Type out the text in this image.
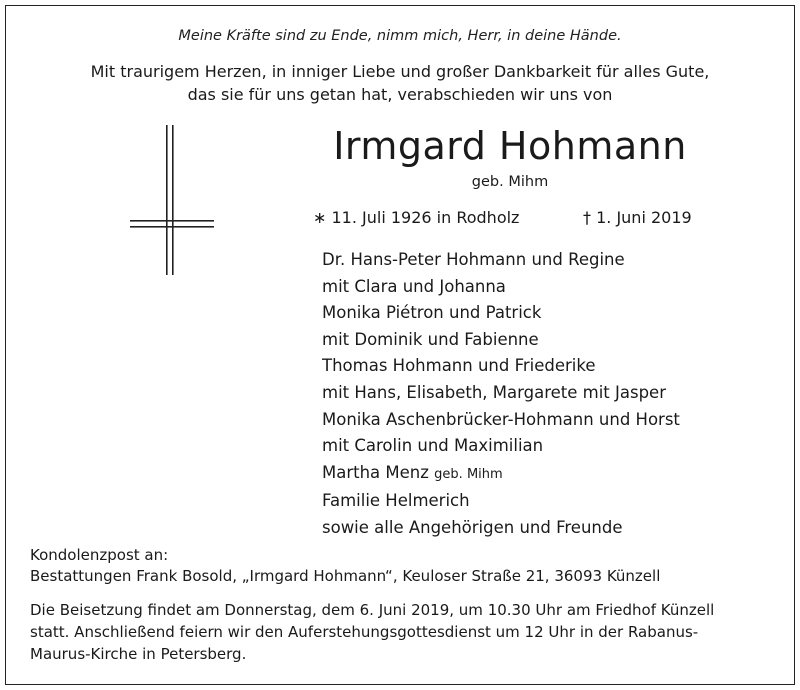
Meine Kräfte sind zu Ende, nimm mich, Herr, in deine Hände.
Mit traurigem Herzen, in inniger Liebe und großer Dankbarkeit für alles Gute,
das sie für uns getan hat, verabschieden wir uns von
Irmgard Hohmann
geb. Mihm
∗ 11. Juli 1926 in Rodholz	† 1. Juni 2019
Dr. Hans-Peter Hohmann und Regine
mit Clara und Johanna
Monika Piétron und Patrick
mit Dominik und Fabienne
Thomas Hohmann und Friederike
mit Hans, Elisabeth, Margarete mit Jasper
Monika Aschenbrücker-Hohmann und Horst
mit Carolin und Maximilian
Martha Menz geb. Mihm
Familie Helmerich
sowie alle Angehörigen und Freunde
Kondolenzpost an:
Bestattungen Frank Bosold, „Irmgard Hohmann“, Keuloser Straße 21, 36093 Künzell
Die Beisetzung findet am Donnerstag, dem 6. Juni 2019, um 10.30 Uhr am Friedhof Künzell
statt. Anschließend feiern wir den Auferstehungsgottesdienst um 12 Uhr in der Rabanus-
Maurus-Kirche in Petersberg.
